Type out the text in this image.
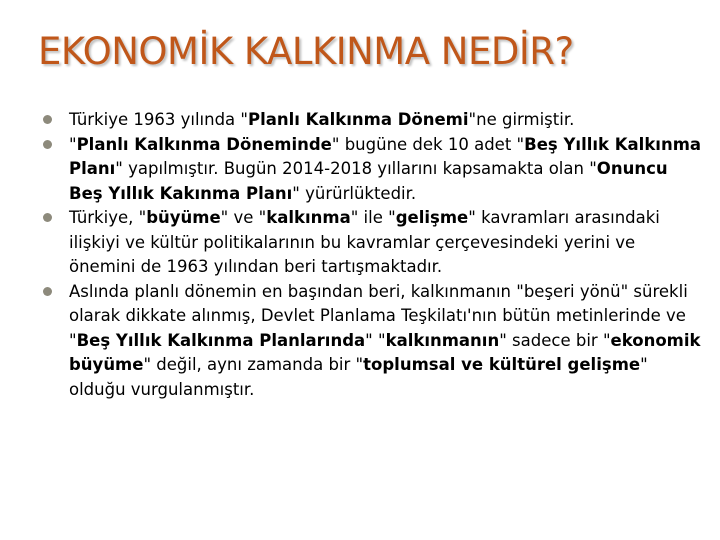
EKONOMİK KALKINMA NEDİR?
Türkiye 1963 yılında "Planlı Kalkınma Dönemi"ne girmiştir.
"Planlı Kalkınma Döneminde" bugüne dek 10 adet "Beş Yıllık Kalkınma Planı" yapılmıştır. Bugün 2014-2018 yıllarını kapsamakta olan "Onuncu Beş Yıllık Kakınma Planı" yürürlüktedir.
Türkiye, "büyüme" ve "kalkınma" ile "gelişme" kavramları arasındaki ilişkiyi ve kültür politikalarının bu kavramlar çerçevesindeki yerini ve önemini de 1963 yılından beri tartışmaktadır.
Aslında planlı dönemin en başından beri, kalkınmanın "beşeri yönü" sürekli olarak dikkate alınmış, Devlet Planlama Teşkilatı'nın bütün metinlerinde ve "Beş Yıllık Kalkınma Planlarında" "kalkınmanın" sadece bir "ekonomik büyüme" değil, aynı zamanda bir "toplumsal ve kültürel gelişme" olduğu vurgulanmıştır.
